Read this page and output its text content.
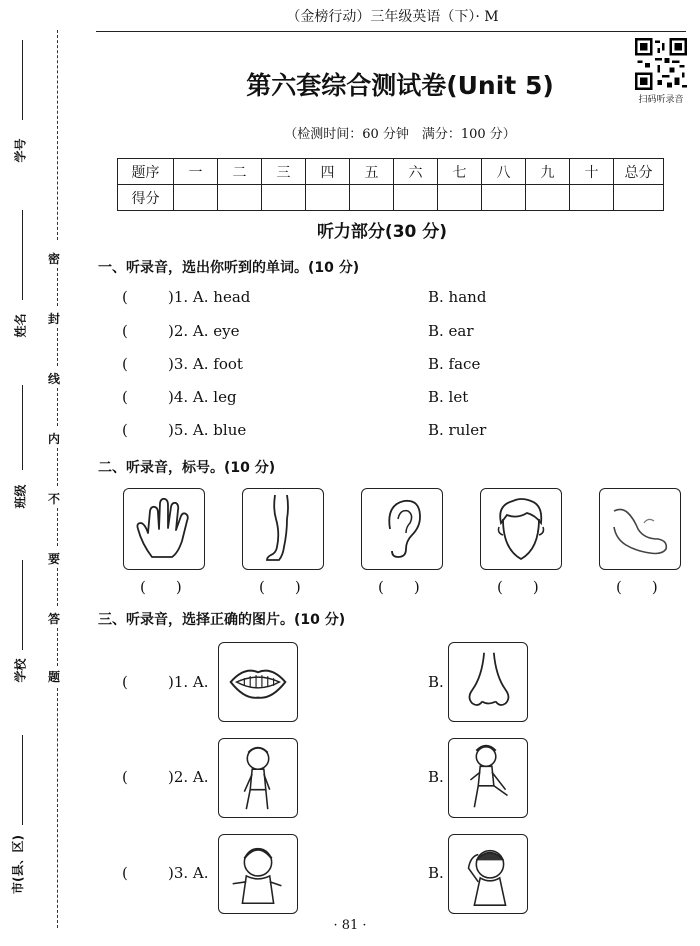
学号
姓名
班级
学校
市(县、区)
密
封
线
内
不
要
答
题
（金榜行动）三年级英语（下）· M
扫码听录音
第六套综合测试卷(Unit 5)
（检测时间：60 分钟　满分：100 分）
题序	一	二	三	四	五	六	七	八	九	十	总分
得分											
听力部分(30 分)
一、听录音，选出你听到的单词。(10 分)
(	)1. A. head	B. hand
(	)2. A. eye	B. ear
(	)3. A. foot	B. face
(	)4. A. leg	B. let
(	)5. A. blue	B. ruler
二、听录音，标号。(10 分)
(　　)	(　　)	(　　)	(　　)	(　　)
三、听录音，选择正确的图片。(10 分)
(	)1. A.	B.
(	)2. A.	B.
(	)3. A.	B.
· 81 ·
